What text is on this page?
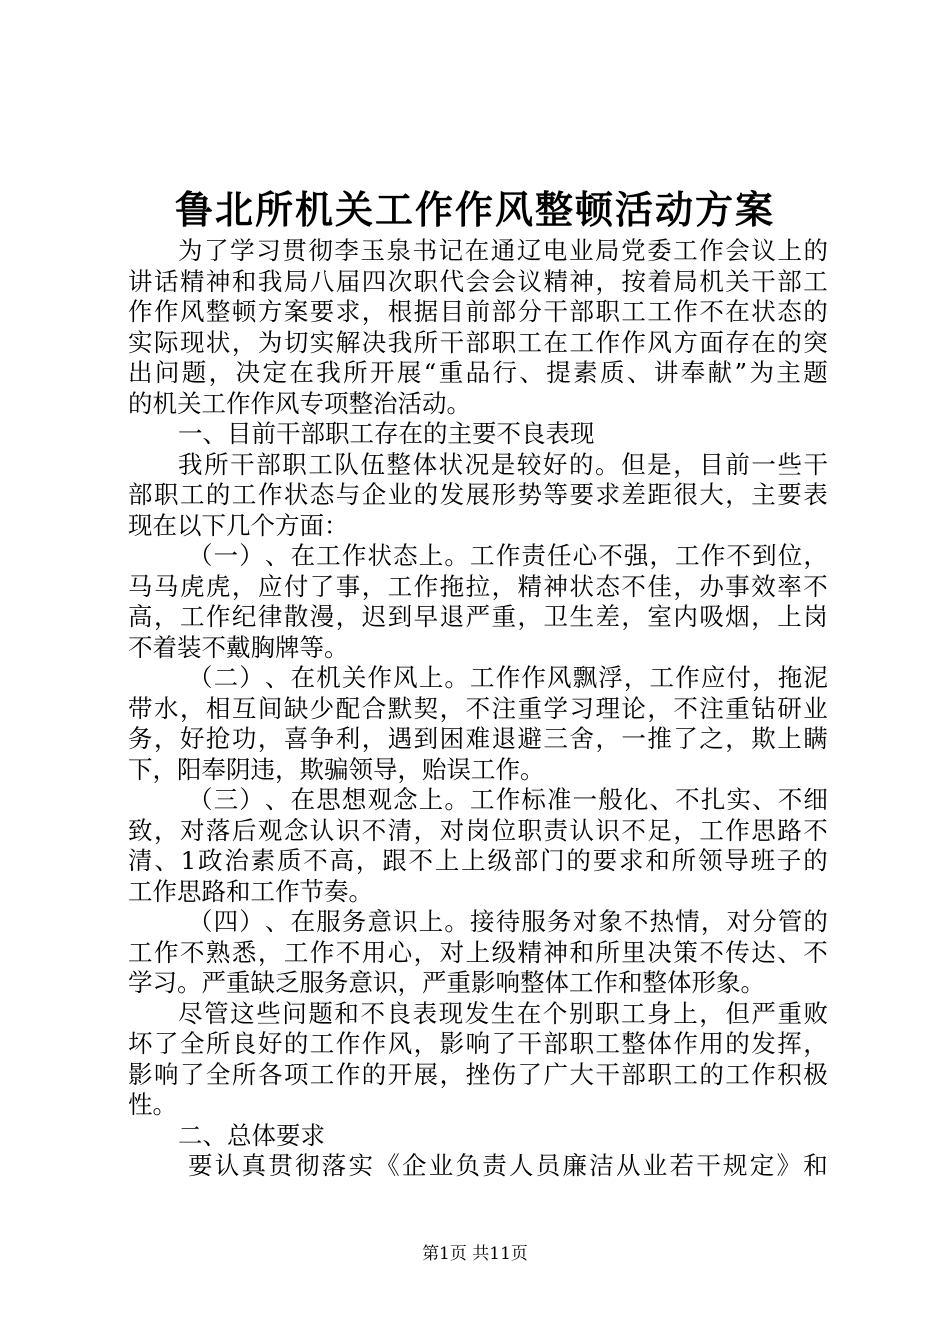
鲁北所机关工作作风整顿活动方案
为 了 学 习 贯 彻 李 玉 泉 书 记 在 通 辽 电 业 局 党 委 工 作 会 议 上 的
讲 话 精 神 和 我 局 八 届 四 次 职 代 会 会 议 精 神 ， 按 着 局 机 关 干 部 工
作 作 风 整 顿 方 案 要 求 ， 根 据 目 前 部 分 干 部 职 工 工 作 不 在 状 态 的
实 际 现 状 ， 为 切 实 解 决 我 所 干 部 职 工 在 工 作 作 风 方 面 存 在 的 突
出 问 题 ， 决 定 在 我 所 开 展 “ 重 品 行 、 提 素 质 、 讲 奉 献 ” 为 主 题
的机关工作作风专项整治活动。
一、目前干部职工存在的主要不良表现
我 所 干 部 职 工 队 伍 整 体 状 况 是 较 好 的 。 但 是 ， 目 前 一 些 干
部 职 工 的 工 作 状 态 与 企 业 的 发 展 形 势 等 要 求 差 距 很 大 ， 主 要 表
现在以下几个方面：
（ 一 ） 、 在 工 作 状 态 上 。 工 作 责 任 心 不 强 ， 工 作 不 到 位 ，
马 马 虎 虎 ， 应 付 了 事 ， 工 作 拖 拉 ， 精 神 状 态 不 佳 ， 办 事 效 率 不
高 ， 工 作 纪 律 散 漫 ， 迟 到 早 退 严 重 ， 卫 生 差 ， 室 内 吸 烟 ， 上 岗
不着装不戴胸牌等。
（ 二 ） 、 在 机 关 作 风 上 。 工 作 作 风 飘 浮 ， 工 作 应 付 ， 拖 泥
带 水 ， 相 互 间 缺 少 配 合 默 契 ， 不 注 重 学 习 理 论 ， 不 注 重 钻 研 业
务 ， 好 抢 功 ， 喜 争 利 ， 遇 到 困 难 退 避 三 舍 ， 一 推 了 之 ， 欺 上 瞒
下，阳奉阴违，欺骗领导，贻误工作。
（ 三 ） 、 在 思 想 观 念 上 。 工 作 标 准 一 般 化 、 不 扎 实 、 不 细
致 ， 对 落 后 观 念 认 识 不 清 ， 对 岗 位 职 责 认 识 不 足 ， 工 作 思 路 不
清 、 1 政 治 素 质 不 高 ， 跟 不 上 上 级 部 门 的 要 求 和 所 领 导 班 子 的
工作思路和工作节奏。
（ 四 ） 、 在 服 务 意 识 上 。 接 待 服 务 对 象 不 热 情 ， 对 分 管 的
工 作 不 熟 悉 ， 工 作 不 用 心 ， 对 上 级 精 神 和 所 里 决 策 不 传 达 、 不
学习。严重缺乏服务意识，严重影响整体工作和整体形象。
尽 管 这 些 问 题 和 不 良 表 现 发 生 在 个 别 职 工 身 上 ， 但 严 重 败
坏 了 全 所 良 好 的 工 作 作 风 ， 影 响 了 干 部 职 工 整 体 作 用 的 发 挥 ，
影 响 了 全 所 各 项 工 作 的 开 展 ， 挫 伤 了 广 大 干 部 职 工 的 工 作 积 极
性。
二、总体要求
要 认 真 贯 彻 落 实 《 企 业 负 责 人 员 廉 洁 从 业 若 干 规 定 》 和
第1页 共11页
